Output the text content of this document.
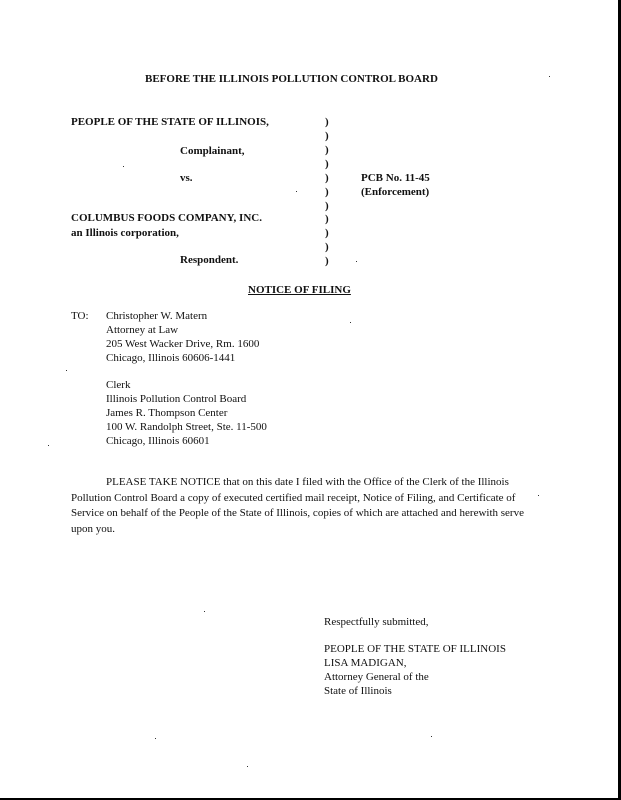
BEFORE THE ILLINOIS POLLUTION CONTROL BOARD
PEOPLE OF THE STATE OF ILLINOIS,
Complainant,
vs.
COLUMBUS FOODS COMPANY, INC.
an Illinois corporation,
Respondent.
)
)
)
)
)
)
)
)
)
)
)
PCB No. 11-45
(Enforcement)
NOTICE OF FILING
TO: Christopher W. Matern
Attorney at Law
205 West Wacker Drive, Rm. 1600
Chicago, Illinois 60606-1441
Clerk
Illinois Pollution Control Board
James R. Thompson Center
100 W. Randolph Street, Ste. 11-500
Chicago, Illinois 60601
PLEASE TAKE NOTICE that on this date I filed with the Office of the Clerk of the Illinois Pollution Control Board a copy of executed certified mail receipt, Notice of Filing, and Certificate of Service on behalf of the People of the State of Illinois, copies of which are attached and herewith serve upon you.
Respectfully submitted,
PEOPLE OF THE STATE OF ILLINOIS
LISA MADIGAN,
Attorney General of the
State of Illinois
